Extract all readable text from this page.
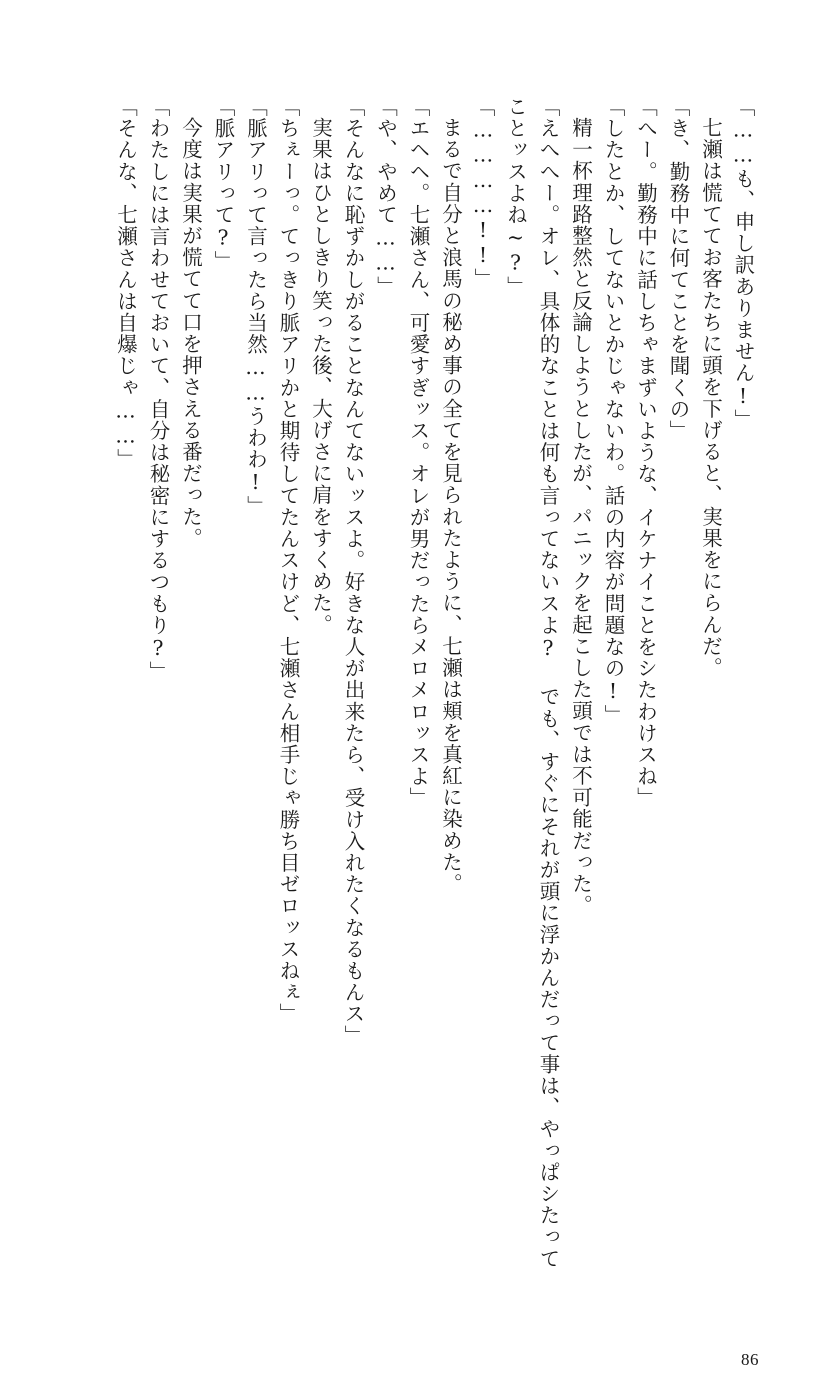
「……も、申し訳ありません!」

七瀬は慌ててお客たちに頭を下げると、実果をにらんだ。

「き、勤務中に何てことを聞くの」

「へー。勤務中に話しちゃまずいような、イケナイことをシたわけスね」

「したとか、してないとかじゃないわ。話の内容が問題なの!」

精一杯理路整然と反論しようとしたが、パニックを起こした頭では不可能だった。

「えへへー。オレ、具体的なことは何も言ってないスよ? でも、すぐにそれが頭に浮かんだって事は、やっぱシたってことッスよね~?」

「…………!!」

まるで自分と浪馬の秘め事の全てを見られたように、七瀬は頬を真紅に染めた。

「エヘヘ。七瀬さん、可愛すぎッス。オレが男だったらメロメロッスよ」

「や、やめて……」

「そんなに恥ずかしがることなんてないッスよ。好きな人が出来たら、受け入れたくなるもんス」

実果はひとしきり笑った後、大げさに肩をすくめた。

「ちぇーっ。てっきり脈アリかと期待してたんスけど、七瀬さん相手じゃ勝ち目ゼロッスねぇ」

「脈アリって言ったら当然……うわわ!」

「脈アリって?」

今度は実果が慌てて口を押さえる番だった。

「わたしには言わせておいて、自分は秘密にするつもり?」

「そんな、七瀬さんは自爆じゃ……」

86
